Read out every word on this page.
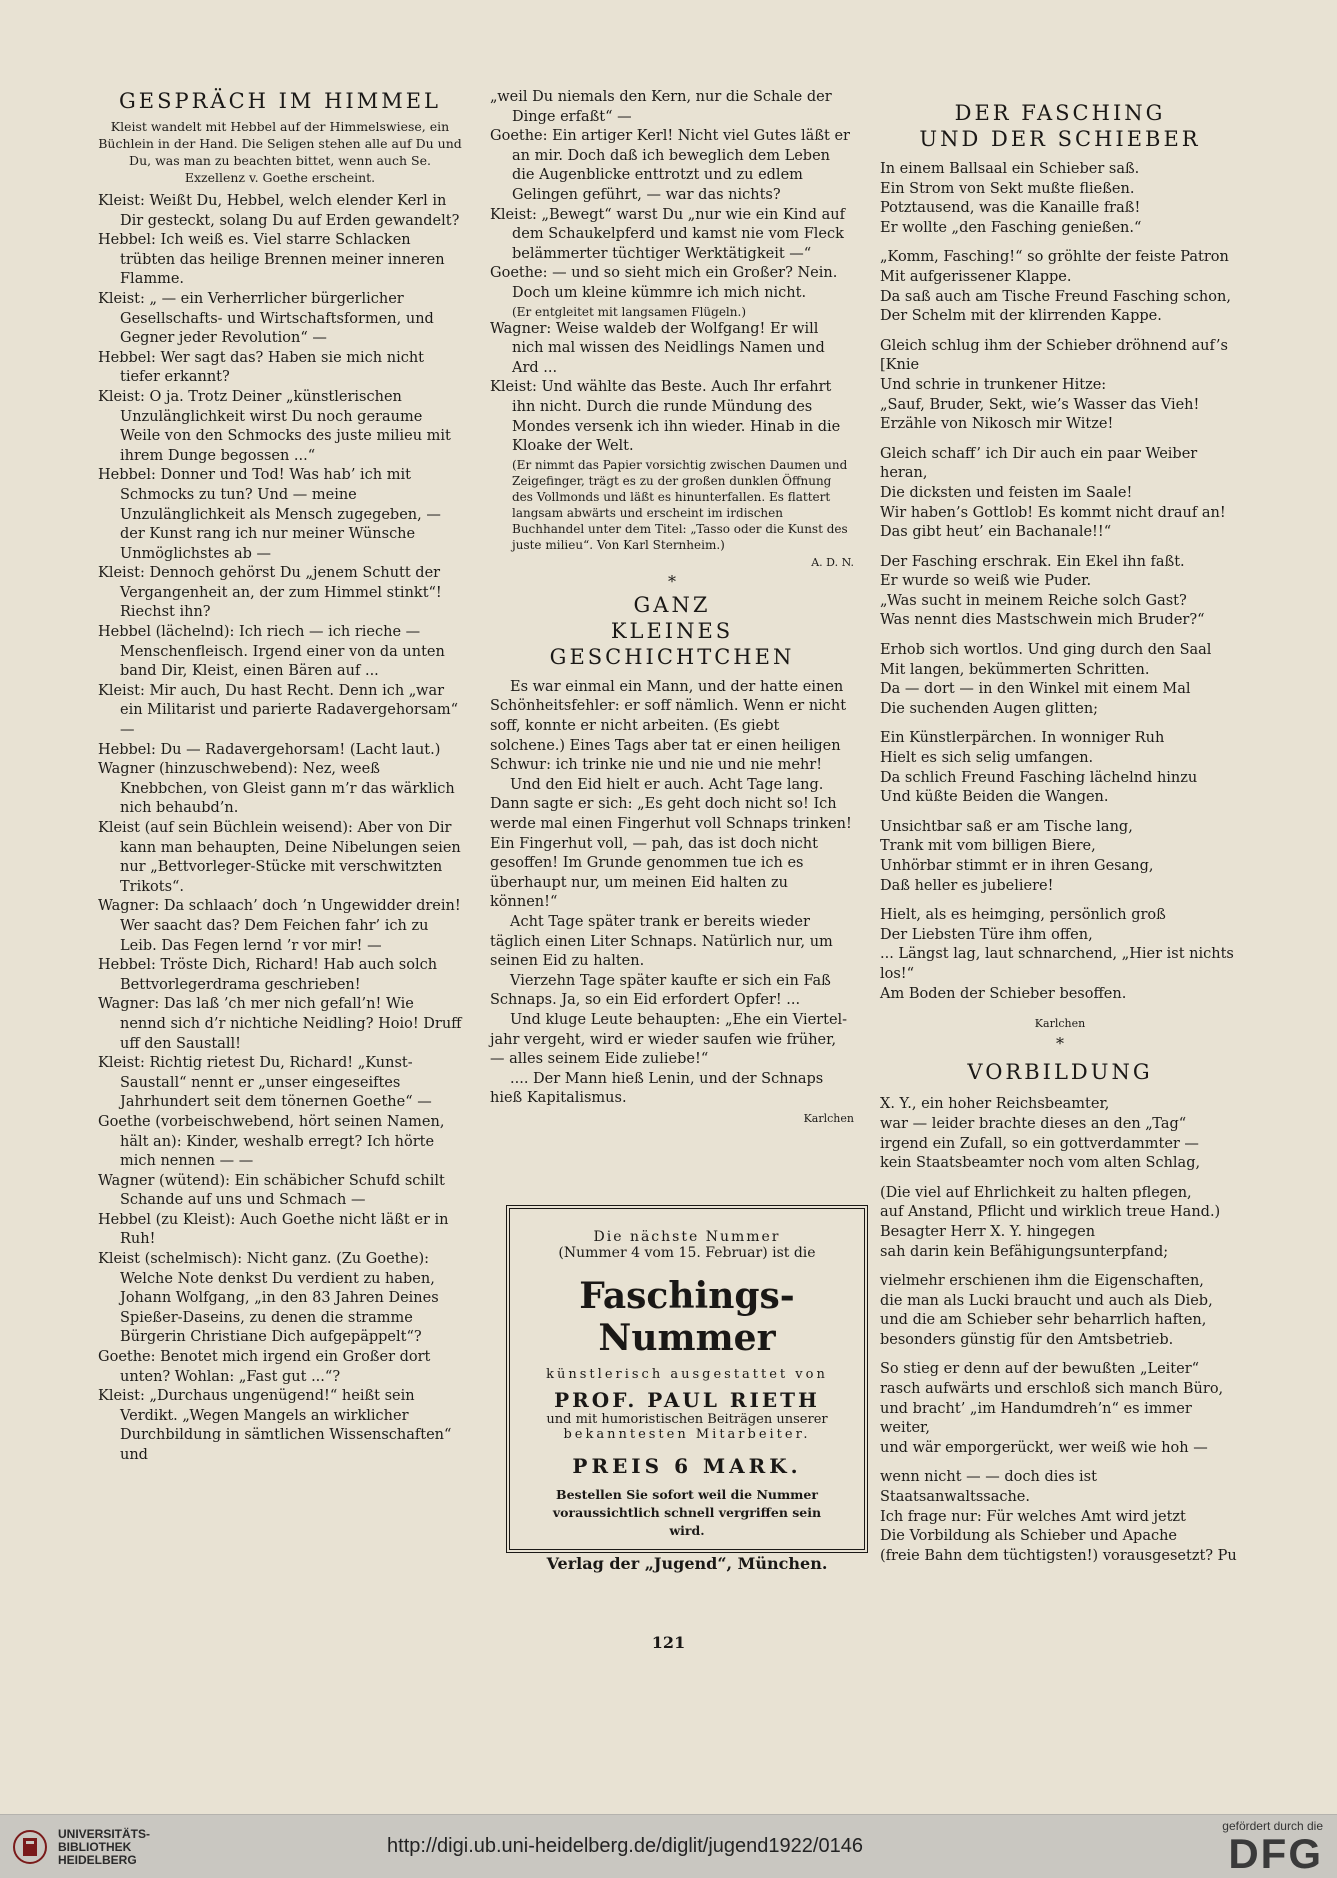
GESPRÄCH IM HIMMEL

Kleist wandelt mit Hebbel auf der Himmelswiese, ein Büchlein in der Hand. Die Seligen stehen alle auf Du und Du, was man zu beachten bittet, wenn auch Se. Exzellenz v. Goethe erscheint.

Kleist: Weißt Du, Hebbel, welch elender Kerl in Dir gesteckt, solang Du auf Erden gewandelt?

Hebbel: Ich weiß es. Viel starre Schlacken trübten das heilige Brennen meiner inneren Flamme.

Kleist: „ — ein Verherrlicher bürgerlicher Gesellschafts- und Wirtschaftsformen, und Gegner jeder Revolution“ —

Hebbel: Wer sagt das? Haben sie mich nicht tiefer erkannt?

Kleist: O ja. Trotz Deiner „künstlerischen Unzulänglichkeit wirst Du noch geraume Weile von den Schmocks des juste milieu mit ihrem Dunge begossen ...“

Hebbel: Donner und Tod! Was hab’ ich mit Schmocks zu tun? Und — meine Unzulänglichkeit als Mensch zugegeben, — der Kunst rang ich nur meiner Wünsche Unmöglichstes ab —

Kleist: Dennoch gehörst Du „jenem Schutt der Vergangenheit an, der zum Himmel stinkt“! Riechst ihn?

Hebbel (lächelnd): Ich riech — ich rieche — Menschenfleisch. Irgend einer von da unten band Dir, Kleist, einen Bären auf ...

Kleist: Mir auch, Du hast Recht. Denn ich „war ein Militarist und parierte Radavergehorsam“ —

Hebbel: Du — Radavergehorsam! (Lacht laut.)

Wagner (hinzuschwebend): Nez, weeß Knebbchen, von Gleist gann m’r das wärklich nich behaubd’n.

Kleist (auf sein Büchlein weisend): Aber von Dir kann man behaupten, Deine Nibelungen seien nur „Bettvorleger-Stücke mit verschwitzten Trikots“.

Wagner: Da schlaach’ doch ’n Ungewidder drein! Wer saacht das? Dem Feichen fahr’ ich zu Leib. Das Fegen lernd ’r vor mir! —

Hebbel: Tröste Dich, Richard! Hab auch solch Bettvorlegerdrama geschrieben!

Wagner: Das laß ’ch mer nich gefall’n! Wie nennd sich d’r nichtiche Neidling? Hoio! Druff uff den Saustall!

Kleist: Richtig rietest Du, Richard! „Kunst-Saustall“ nennt er „unser eingeseiftes Jahrhundert seit dem tönernen Goethe“ —

Goethe (vorbeischwebend, hört seinen Namen, hält an): Kinder, weshalb erregt? Ich hörte mich nennen — —

Wagner (wütend): Ein schäbicher Schufd schilt Schande auf uns und Schmach —

Hebbel (zu Kleist): Auch Goethe nicht läßt er in Ruh!

Kleist (schelmisch): Nicht ganz. (Zu Goethe): Welche Note denkst Du verdient zu haben, Johann Wolfgang, „in den 83 Jahren Deines Spießer-Daseins, zu denen die stramme Bürgerin Christiane Dich aufgepäppelt“?

Goethe: Benotet mich irgend ein Großer dort unten? Wohlan: „Fast gut ...“?

Kleist: „Durchaus ungenügend!“ heißt sein Verdikt. „Wegen Mangels an wirklicher Durchbildung in sämtlichen Wissenschaften“ und

„weil Du niemals den Kern, nur die Schale der Dinge erfaßt“ —

Goethe: Ein artiger Kerl! Nicht viel Gutes läßt er an mir. Doch daß ich beweglich dem Leben die Augenblicke enttrotzt und zu edlem Gelingen geführt, — war das nichts?

Kleist: „Bewegt“ warst Du „nur wie ein Kind auf dem Schaukelpferd und kamst nie vom Fleck belämmerter tüchtiger Werktätigkeit —“

Goethe: — und so sieht mich ein Großer? Nein. Doch um kleine kümmre ich mich nicht.

(Er entgleitet mit langsamen Flügeln.)

Wagner: Weise waldeb der Wolfgang! Er will nich mal wissen des Neidlings Namen und Ard ...

Kleist: Und wählte das Beste. Auch Ihr erfahrt ihn nicht. Durch die runde Mündung des Mondes versenk ich ihn wieder. Hinab in die Kloake der Welt.

(Er nimmt das Papier vorsichtig zwischen Daumen und Zeigefinger, trägt es zu der großen dunklen Öffnung des Vollmonds und läßt es hinunterfallen. Es flattert langsam abwärts und erscheint im irdischen Buchhandel unter dem Titel: „Tasso oder die Kunst des juste milieu“. Von Karl Sternheim.)

A. D. N.

*

GANZ

KLEINES GESCHICHTCHEN

Es war einmal ein Mann, und der hatte einen Schönheitsfehler: er soff nämlich. Wenn er nicht soff, konnte er nicht arbeiten. (Es giebt solchene.) Eines Tags aber tat er einen heiligen Schwur: ich trinke nie und nie und nie mehr!

Und den Eid hielt er auch. Acht Tage lang. Dann sagte er sich: „Es geht doch nicht so! Ich werde mal einen Fingerhut voll Schnaps trinken! Ein Fingerhut voll, — pah, das ist doch nicht gesoffen! Im Grunde genommen tue ich es überhaupt nur, um meinen Eid halten zu können!“

Acht Tage später trank er bereits wieder täglich einen Liter Schnaps. Natürlich nur, um seinen Eid zu halten.

Vierzehn Tage später kaufte er sich ein Faß Schnaps. Ja, so ein Eid erfordert Opfer! ...

Und kluge Leute behaupten: „Ehe ein Viertel-jahr vergeht, wird er wieder saufen wie früher, — alles seinem Eide zuliebe!“

.... Der Mann hieß Lenin, und der Schnaps hieß Kapitalismus.

Karlchen

DER FASCHING

UND DER SCHIEBER

In einem Ballsaal ein Schieber saß.
Ein Strom von Sekt mußte fließen.
Potztausend, was die Kanaille fraß!
Er wollte „den Fasching genießen.“

„Komm, Fasching!“ so gröhlte der feiste Patron
Mit aufgerissener Klappe.
Da saß auch am Tische Freund Fasching schon,
Der Schelm mit der klirrenden Kappe.

Gleich schlug ihm der Schieber dröhnend auf’s [Knie
Und schrie in trunkener Hitze:
„Sauf, Bruder, Sekt, wie’s Wasser das Vieh!
Erzähle von Nikosch mir Witze!

Gleich schaff’ ich Dir auch ein paar Weiber heran,
Die dicksten und feisten im Saale!
Wir haben’s Gottlob! Es kommt nicht drauf an!
Das gibt heut’ ein Bachanale!!“

Der Fasching erschrak. Ein Ekel ihn faßt.
Er wurde so weiß wie Puder.
„Was sucht in meinem Reiche solch Gast?
Was nennt dies Mastschwein mich Bruder?“

Erhob sich wortlos. Und ging durch den Saal
Mit langen, bekümmerten Schritten.
Da — dort — in den Winkel mit einem Mal
Die suchenden Augen glitten;

Ein Künstlerpärchen. In wonniger Ruh
Hielt es sich selig umfangen.
Da schlich Freund Fasching lächelnd hinzu
Und küßte Beiden die Wangen.

Unsichtbar saß er am Tische lang,
Trank mit vom billigen Biere,
Unhörbar stimmt er in ihren Gesang,
Daß heller es jubeliere!

Hielt, als es heimging, persönlich groß
Der Liebsten Türe ihm offen,
... Längst lag, laut schnarchend, „Hier ist nichts los!“
Am Boden der Schieber besoffen.

Karlchen

*

VORBILDUNG

X. Y., ein hoher Reichsbeamter,
war — leider brachte dieses an den „Tag“
irgend ein Zufall, so ein gottverdammter —
kein Staatsbeamter noch vom alten Schlag,

(Die viel auf Ehrlichkeit zu halten pflegen,
auf Anstand, Pflicht und wirklich treue Hand.)
Besagter Herr X. Y. hingegen
sah darin kein Befähigungsunterpfand;

vielmehr erschienen ihm die Eigenschaften,
die man als Lucki braucht und auch als Dieb,
und die am Schieber sehr beharrlich haften,
besonders günstig für den Amtsbetrieb.

So stieg er denn auf der bewußten „Leiter“
rasch aufwärts und erschloß sich manch Büro,
und bracht’ „im Handumdreh’n“ es immer weiter,
und wär emporgerückt, wer weiß wie hoh —

wenn nicht — — doch dies ist Staatsanwaltssache.
Ich frage nur: Für welches Amt wird jetzt
Die Vorbildung als Schieber und Apache
(freie Bahn dem tüchtigsten!) vorausgesetzt? Pu

Die nächste Nummer

(Nummer 4 vom 15. Februar) ist die

Faschings-Nummer

künstlerisch ausgestattet von

PROF. PAUL RIETH

und mit humoristischen Beiträgen unserer

bekanntesten Mitarbeiter.

PREIS 6 MARK.

Bestellen Sie sofort weil die Nummer voraussichtlich schnell vergriffen sein wird.

Verlag der „Jugend“, München.

121

UNIVERSITÄTS-
BIBLIOTHEK
HEIDELBERG
http://digi.ub.uni-heidelberg.de/diglit/jugend1922/0146
gefördert durch die
DFG
